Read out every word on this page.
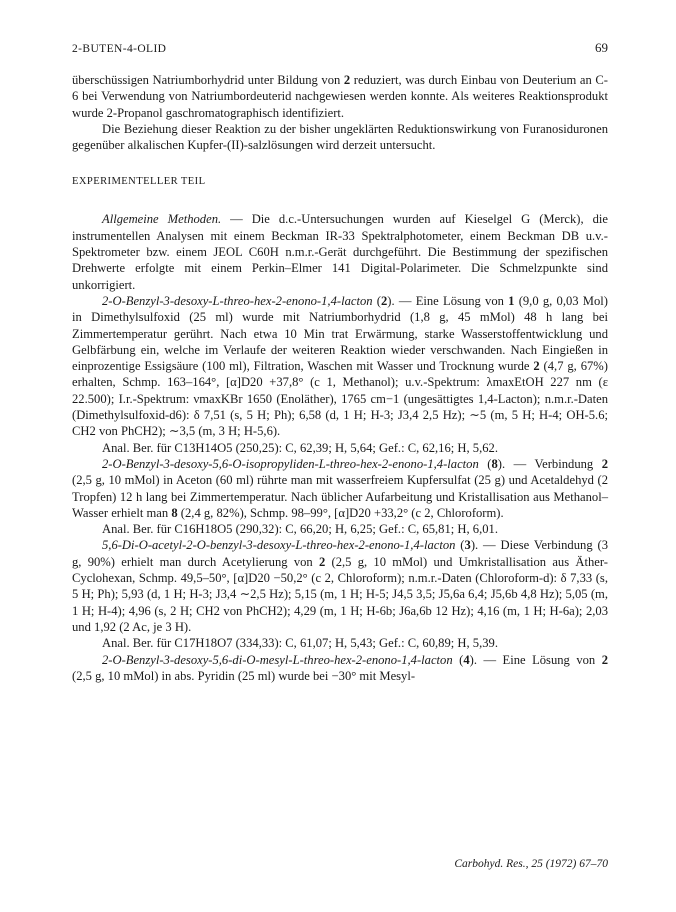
2-BUTEN-4-OLID	69

überschüssigen Natriumborhydrid unter Bildung von 2 reduziert, was durch Einbau von Deuterium an C-6 bei Verwendung von Natriumbordeuterid nachgewiesen werden konnte. Als weiteres Reaktionsprodukt wurde 2-Propanol gaschromatographisch identifiziert.

Die Beziehung dieser Reaktion zu der bisher ungeklärten Reduktionswirkung von Furanosiduronen gegenüber alkalischen Kupfer-(II)-salzlösungen wird derzeit untersucht.

EXPERIMENTELLER TEIL

Allgemeine Methoden. — Die d.c.-Untersuchungen wurden auf Kieselgel G (Merck), die instrumentellen Analysen mit einem Beckman IR-33 Spektralphotometer, einem Beckman DB u.v.-Spektrometer bzw. einem JEOL C60H n.m.r.-Gerät durchgeführt. Die Bestimmung der spezifischen Drehwerte erfolgte mit einem Perkin–Elmer 141 Digital-Polarimeter. Die Schmelzpunkte sind unkorrigiert.

2-O-Benzyl-3-desoxy-L-threo-hex-2-enono-1,4-lacton (2). — Eine Lösung von 1 (9,0 g, 0,03 Mol) in Dimethylsulfoxid (25 ml) wurde mit Natriumborhydrid (1,8 g, 45 mMol) 48 h lang bei Zimmertemperatur gerührt. Nach etwa 10 Min trat Erwärmung, starke Wasserstoffentwicklung und Gelbfärbung ein, welche im Verlaufe der weiteren Reaktion wieder verschwanden. Nach Eingießen in einprozentige Essigsäure (100 ml), Filtration, Waschen mit Wasser und Trocknung wurde 2 (4,7 g, 67%) erhalten, Schmp. 163–164°, [α]D20 +37,8° (c 1, Methanol); u.v.-Spektrum: λmaxEtOH 227 nm (ε 22.500); I.r.-Spektrum: νmaxKBr 1650 (Enoläther), 1765 cm−1 (ungesättigtes 1,4-Lacton); n.m.r.-Daten (Dimethylsulfoxid-d6): δ 7,51 (s, 5 H; Ph); 6,58 (d, 1 H; H-3; J3,4 2,5 Hz); ∼5 (m, 5 H; H-4; OH-5.6; CH2 von PhCH2); ∼3,5 (m, 3 H; H-5,6).

Anal. Ber. für C13H14O5 (250,25): C, 62,39; H, 5,64; Gef.: C, 62,16; H, 5,62.

2-O-Benzyl-3-desoxy-5,6-O-isopropyliden-L-threo-hex-2-enono-1,4-lacton (8). — Verbindung 2 (2,5 g, 10 mMol) in Aceton (60 ml) rührte man mit wasserfreiem Kupfersulfat (25 g) und Acetaldehyd (2 Tropfen) 12 h lang bei Zimmertemperatur. Nach üblicher Aufarbeitung und Kristallisation aus Methanol–Wasser erhielt man 8 (2,4 g, 82%), Schmp. 98–99°, [α]D20 +33,2° (c 2, Chloroform).

Anal. Ber. für C16H18O5 (290,32): C, 66,20; H, 6,25; Gef.: C, 65,81; H, 6,01.

5,6-Di-O-acetyl-2-O-benzyl-3-desoxy-L-threo-hex-2-enono-1,4-lacton (3). — Diese Verbindung (3 g, 90%) erhielt man durch Acetylierung von 2 (2,5 g, 10 mMol) und Umkristallisation aus Äther-Cyclohexan, Schmp. 49,5–50°, [α]D20 −50,2° (c 2, Chloroform); n.m.r.-Daten (Chloroform-d): δ 7,33 (s, 5 H; Ph); 5,93 (d, 1 H; H-3; J3,4 ∼2,5 Hz); 5,15 (m, 1 H; H-5; J4,5 3,5; J5,6a 6,4; J5,6b 4,8 Hz); 5,05 (m, 1 H; H-4); 4,96 (s, 2 H; CH2 von PhCH2); 4,29 (m, 1 H; H-6b; J6a,6b 12 Hz); 4,16 (m, 1 H; H-6a); 2,03 und 1,92 (2 Ac, je 3 H).

Anal. Ber. für C17H18O7 (334,33): C, 61,07; H, 5,43; Gef.: C, 60,89; H, 5,39.

2-O-Benzyl-3-desoxy-5,6-di-O-mesyl-L-threo-hex-2-enono-1,4-lacton (4). — Eine Lösung von 2 (2,5 g, 10 mMol) in abs. Pyridin (25 ml) wurde bei −30° mit Mesyl-

Carbohyd. Res., 25 (1972) 67–70
